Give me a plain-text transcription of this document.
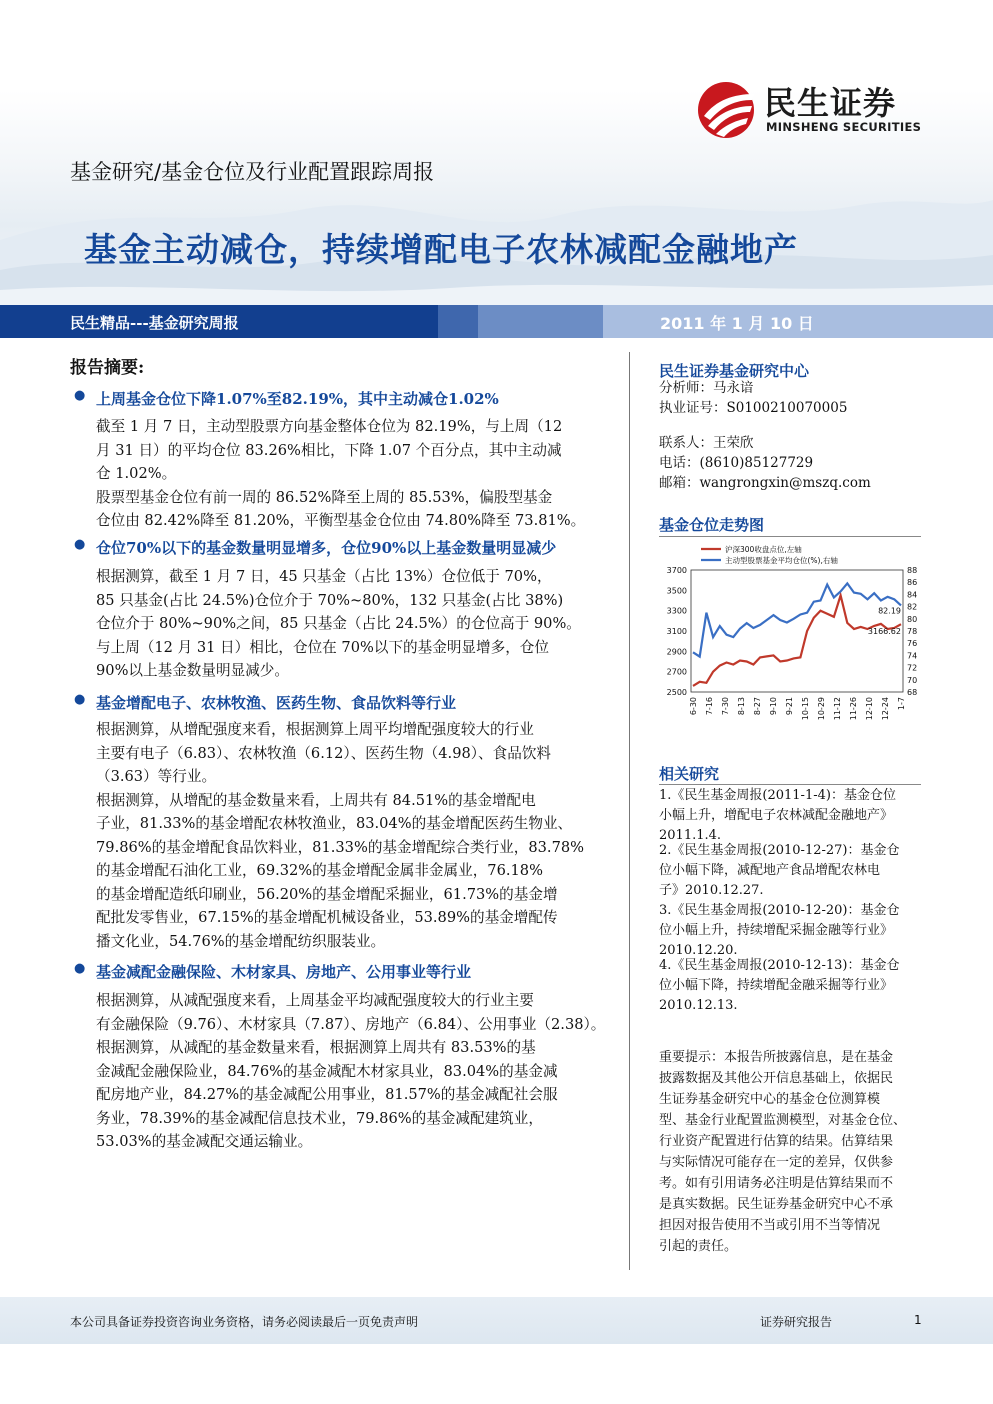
民生证券
MINSHENG SECURITIES
基金研究/基金仓位及行业配置跟踪周报
基金主动减仓，持续增配电子农林减配金融地产
民生精品---基金研究周报	2011 年 1 月 10 日
报告摘要:
● 上周基金仓位下降1.07%至82.19%，其中主动减仓1.02%
截至 1 月 7 日，主动型股票方向基金整体仓位为 82.19%，与上周（12
月 31 日）的平均仓位 83.26%相比，下降 1.07 个百分点，其中主动减
仓 1.02%。
股票型基金仓位有前一周的 86.52%降至上周的 85.53%，偏股型基金
仓位由 82.42%降至 81.20%，平衡型基金仓位由 74.80%降至 73.81%。
● 仓位70%以下的基金数量明显增多，仓位90%以上基金数量明显减少
根据测算，截至 1 月 7 日，45 只基金（占比 13%）仓位低于 70%，
85 只基金(占比 24.5%)仓位介于 70%~80%，132 只基金(占比 38%)
仓位介于 80%~90%之间，85 只基金（占比 24.5%）的仓位高于 90%。
与上周（12 月 31 日）相比，仓位在 70%以下的基金明显增多，仓位
90%以上基金数量明显减少。
● 基金增配电子、农林牧渔、医药生物、食品饮料等行业
根据测算，从增配强度来看，根据测算上周平均增配强度较大的行业
主要有电子（6.83）、农林牧渔（6.12）、医药生物（4.98）、食品饮料
（3.63）等行业。
根据测算，从增配的基金数量来看，上周共有 84.51%的基金增配电
子业，81.33%的基金增配农林牧渔业，83.04%的基金增配医药生物业、
79.86%的基金增配食品饮料业，81.33%的基金增配综合类行业，83.78%
的基金增配石油化工业，69.32%的基金增配金属非金属业，76.18%
的基金增配造纸印刷业，56.20%的基金增配采掘业，61.73%的基金增
配批发零售业，67.15%的基金增配机械设备业，53.89%的基金增配传
播文化业，54.76%的基金增配纺织服装业。
● 基金减配金融保险、木材家具、房地产、公用事业等行业
根据测算，从减配强度来看，上周基金平均减配强度较大的行业主要
有金融保险（9.76）、木材家具（7.87）、房地产（6.84）、公用事业（2.38）。
根据测算，从减配的基金数量来看，根据测算上周共有 83.53%的基
金减配金融保险业，84.76%的基金减配木材家具业，83.04%的基金减
配房地产业，84.27%的基金减配公用事业，81.57%的基金减配社会服
务业，78.39%的基金减配信息技术业，79.86%的基金减配建筑业，
53.03%的基金减配交通运输业。
民生证券基金研究中心
分析师：马永谙
执业证号：S0100210070005
联系人：王荣欣
电话：(8610)85127729
邮箱：wangrongxin@mszq.com
基金仓位走势图
2500
2700
2900
3100
3300
3500
3700
68
70
72
74
76
78
80
82
84
86
88
6-30 7-16 7-30 8-13 8-27 9-10 9-21 10-15 10-29 11-12 11-26 12-10 12-24 1-7
82.19
3166.62
沪深300收盘点位,左轴
主动型股票基金平均仓位(%),右轴
相关研究
1.《民生基金周报(2011-1-4)：基金仓位
小幅上升，增配电子农林减配金融地产》
2011.1.4.
2.《民生基金周报(2010-12-27)：基金仓
位小幅下降，减配地产食品增配农林电
子》2010.12.27.
3.《民生基金周报(2010-12-20)：基金仓
位小幅上升，持续增配采掘金融等行业》
2010.12.20.
4.《民生基金周报(2010-12-13)：基金仓
位小幅下降，持续增配金融采掘等行业》
2010.12.13.
重要提示：本报告所披露信息，是在基金
披露数据及其他公开信息基础上，依据民
生证券基金研究中心的基金仓位测算模
型、基金行业配置监测模型，对基金仓位、
行业资产配置进行估算的结果。估算结果
与实际情况可能存在一定的差异，仅供参
考。如有引用请务必注明是估算结果而不
是真实数据。民生证券基金研究中心不承
担因对报告使用不当或引用不当等情况
引起的责任。
本公司具备证券投资咨询业务资格，请务必阅读最后一页免责声明	证券研究报告	1
